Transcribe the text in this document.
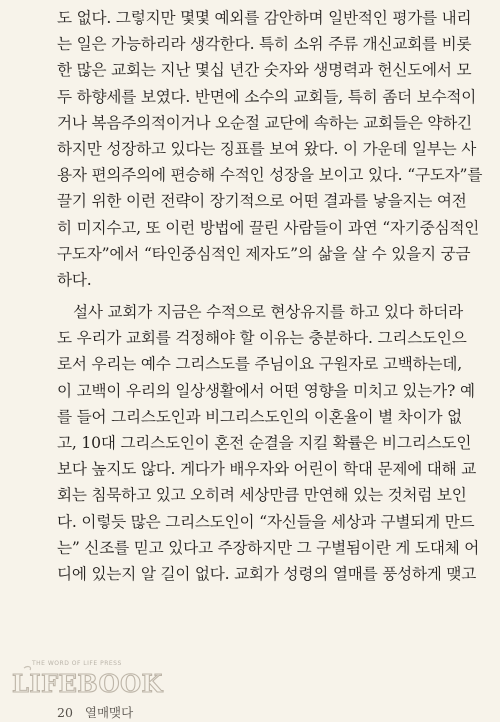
도 없다. 그렇지만 몇몇 예외를 감안하며 일반적인 평가를 내리
는 일은 가능하리라 생각한다. 특히 소위 주류 개신교회를 비롯
한 많은 교회는 지난 몇십 년간 숫자와 생명력과 헌신도에서 모
두 하향세를 보였다. 반면에 소수의 교회들, 특히 좀더 보수적이
거나 복음주의적이거나 오순절 교단에 속하는 교회들은 약하긴
하지만 성장하고 있다는 징표를 보여 왔다. 이 가운데 일부는 사
용자 편의주의에 편승해 수적인 성장을 보이고 있다. “구도자”를
끌기 위한 이런 전략이 장기적으로 어떤 결과를 낳을지는 여전
히 미지수고, 또 이런 방법에 끌린 사람들이 과연 “자기중심적인
구도자”에서 “타인중심적인 제자도”의 삶을 살 수 있을지 궁금
하다.
설사 교회가 지금은 수적으로 현상유지를 하고 있다 하더라
도 우리가 교회를 걱정해야 할 이유는 충분하다. 그리스도인으
로서 우리는 예수 그리스도를 주님이요 구원자로 고백하는데,
이 고백이 우리의 일상생활에서 어떤 영향을 미치고 있는가? 예
를 들어 그리스도인과 비그리스도인의 이혼율이 별 차이가 없
고, 10대 그리스도인이 혼전 순결을 지킬 확률은 비그리스도인
보다 높지도 않다. 게다가 배우자와 어린이 학대 문제에 대해 교
회는 침묵하고 있고 오히려 세상만큼 만연해 있는 것처럼 보인
다. 이렇듯 많은 그리스도인이 “자신들을 세상과 구별되게 만드
는” 신조를 믿고 있다고 주장하지만 그 구별됨이란 게 도대체 어
디에 있는지 알 길이 없다. 교회가 성령의 열매를 풍성하게 맺고
THE WORD OF LIFE PRESS
LIFEBOOK
20 열매맺다
